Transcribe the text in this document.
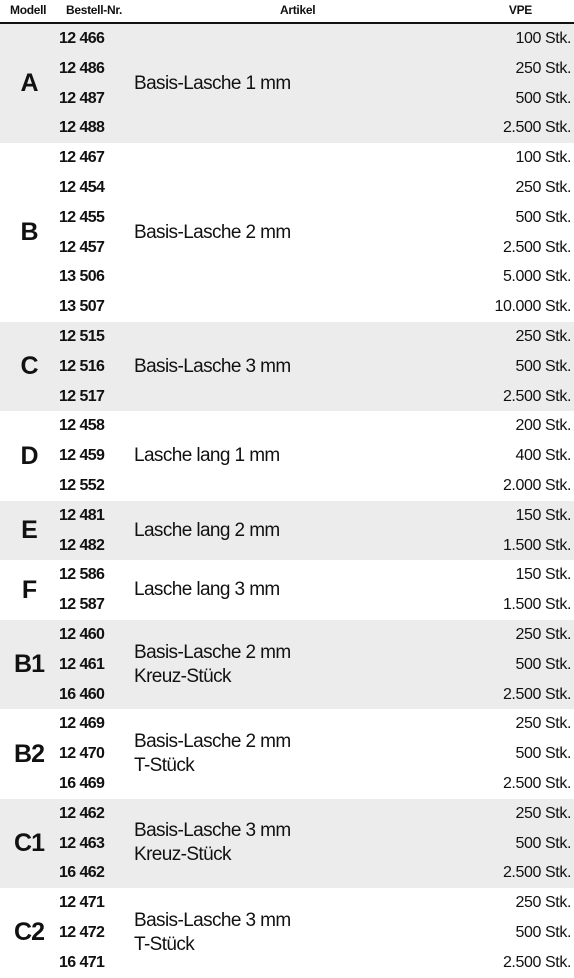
Modell Bestell-Nr.	Artikel	VPE
A
12 466
12 486
12 487
12 488
Basis-Lasche 1 mm
100 Stk.
250 Stk.
500 Stk.
2.500 Stk.
B
12 467
12 454
12 455
12 457
13 506
13 507
Basis-Lasche 2 mm
100 Stk.
250 Stk.
500 Stk.
2.500 Stk.
5.000 Stk.
10.000 Stk.
C
12 515
12 516
12 517
Basis-Lasche 3 mm
250 Stk.
500 Stk.
2.500 Stk.
D
12 458
12 459
12 552
Lasche lang 1 mm
200 Stk.
400 Stk.
2.000 Stk.
E
12 481
12 482
Lasche lang 2 mm
150 Stk.
1.500 Stk.
F
12 586
12 587
Lasche lang 3 mm
150 Stk.
1.500 Stk.
B1
12 460
12 461
16 460
Basis-Lasche 2 mm
Kreuz-Stück
250 Stk.
500 Stk.
2.500 Stk.
B2
12 469
12 470
16 469
Basis-Lasche 2 mm
T-Stück
250 Stk.
500 Stk.
2.500 Stk.
C1
12 462
12 463
16 462
Basis-Lasche 3 mm
Kreuz-Stück
250 Stk.
500 Stk.
2.500 Stk.
C2
12 471
12 472
16 471
Basis-Lasche 3 mm
T-Stück
250 Stk.
500 Stk.
2.500 Stk.
